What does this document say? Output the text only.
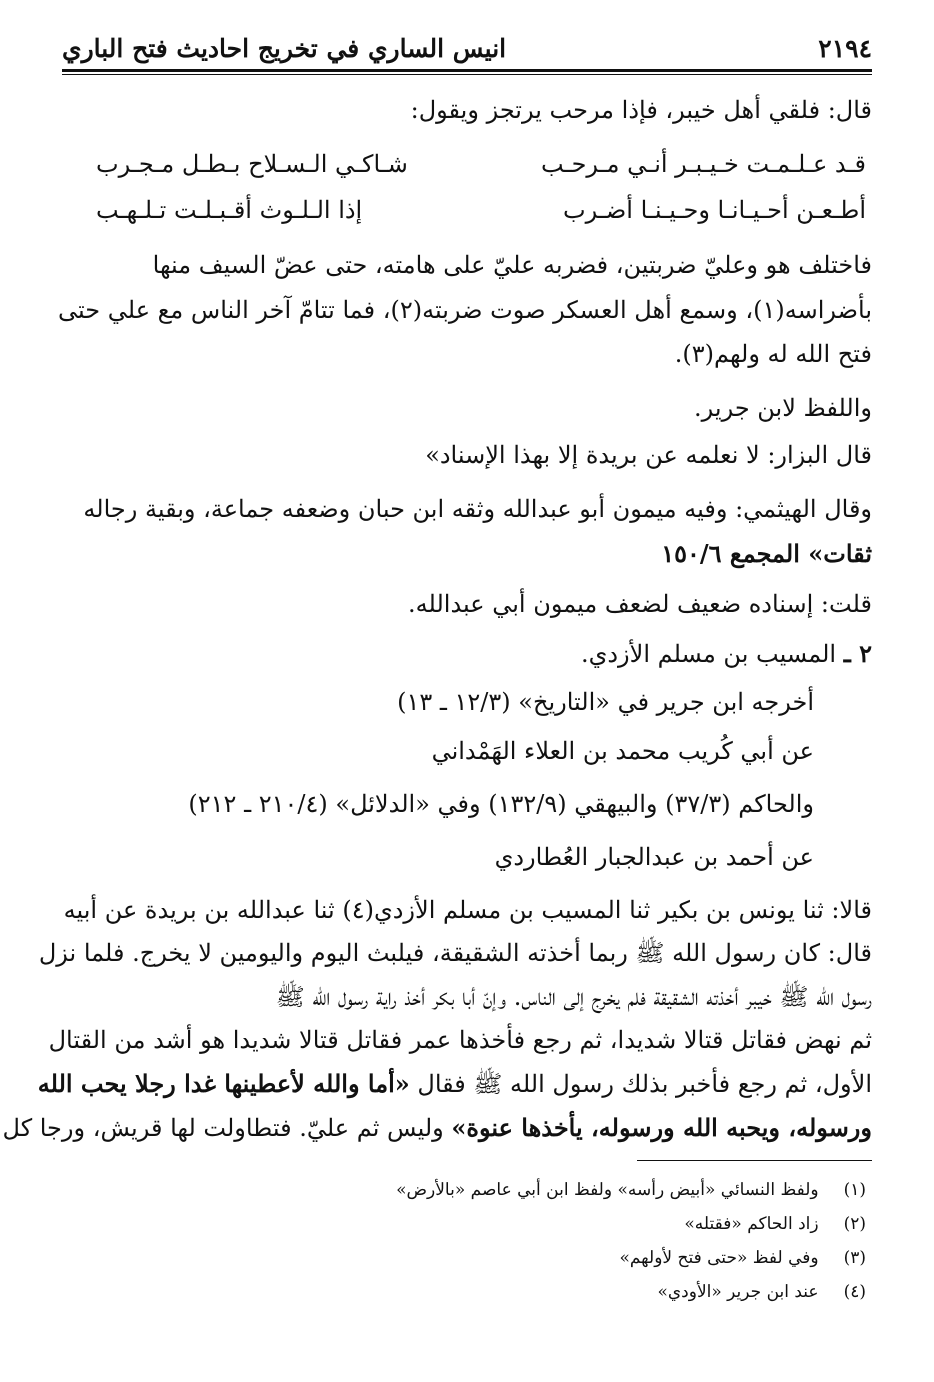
٢١٩٤
انيس الساري في تخريج احاديث فتح الباري
قال: فلقي أهل خيبر، فإذا مرحب يرتجز ويقول:
قـد عـلـمـت خـيـبـر أنـي مـرحـب
شـاكـي الـسـلاح بـطـل مـجـرب
أطـعـن أحـيـانـا وحـيـنـا أضـرب
إذا الـلـوث أقـبـلـت تـلـهـب
فاختلف هو وعليّ ضربتين، فضربه عليّ على هامته، حتى عضّ السيف منها
بأضراسه(١)، وسمع أهل العسكر صوت ضربته(٢)، فما تتامّ آخر الناس مع علي حتى
فتح الله له ولهم(٣).
واللفظ لابن جرير.
قال البزار: لا نعلمه عن بريدة إلا بهذا الإسناد»
وقال الهيثمي: وفيه ميمون أبو عبدالله وثقه ابن حبان وضعفه جماعة، وبقية رجاله
ثقات» المجمع ١٥٠/٦
قلت: إسناده ضعيف لضعف ميمون أبي عبدالله.
٢ ـ المسيب بن مسلم الأزدي.
أخرجه ابن جرير في «التاريخ» (١٢/٣ ـ ١٣)
عن أبي كُريب محمد بن العلاء الهَمْداني
والحاكم (٣٧/٣) والبيهقي (١٣٢/٩) وفي «الدلائل» (٢١٠/٤ ـ ٢١٢)
عن أحمد بن عبدالجبار العُطاردي
قالا: ثنا يونس بن بكير ثنا المسيب بن مسلم الأزدي(٤) ثنا عبدالله بن بريدة عن أبيه
قال: كان رسول الله ﷺ ربما أخذته الشقيقة، فيلبث اليوم واليومين لا يخرج. فلما نزل
رسول الله ﷺ خيبر أخذته الشقيقة فلم يخرج إلى الناس. وإنّ أبا بكر أخذ راية رسول الله ﷺ
ثم نهض فقاتل قتالا شديدا، ثم رجع فأخذها عمر فقاتل قتالا شديدا هو أشد من القتال
الأول، ثم رجع فأخبر بذلك رسول الله ﷺ فقال «أما والله لأعطينها غدا رجلا يحب الله
ورسوله، ويحبه الله ورسوله، يأخذها عنوة» وليس ثم عليّ. فتطاولت لها قريش، ورجا كل
(١) ولفظ النسائي «أبيض رأسه» ولفظ ابن أبي عاصم «بالأرض»
(٢) زاد الحاكم «فقتله»
(٣) وفي لفظ «حتى فتح لأولهم»
(٤) عند ابن جرير «الأودي»
